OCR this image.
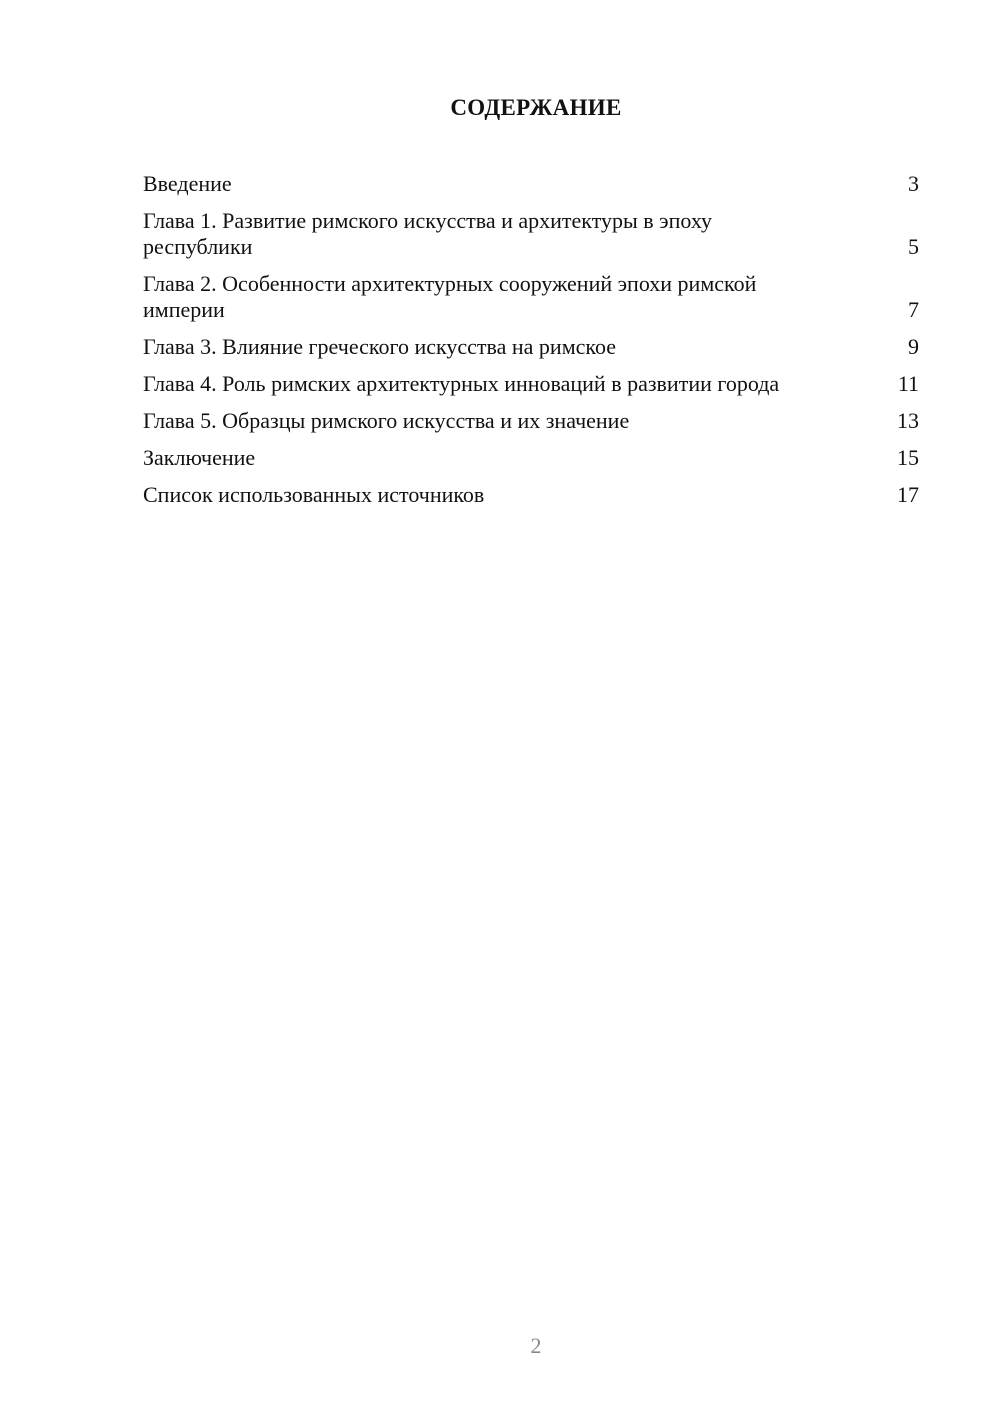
СОДЕРЖАНИЕ
Введение	3
Глава 1. Развитие римского искусства и архитектуры в эпоху республики	5
Глава 2. Особенности архитектурных сооружений эпохи римской империи	7
Глава 3. Влияние греческого искусства на римское	9
Глава 4. Роль римских архитектурных инноваций в развитии города	11
Глава 5. Образцы римского искусства и их значение	13
Заключение	15
Список использованных источников	17
2
